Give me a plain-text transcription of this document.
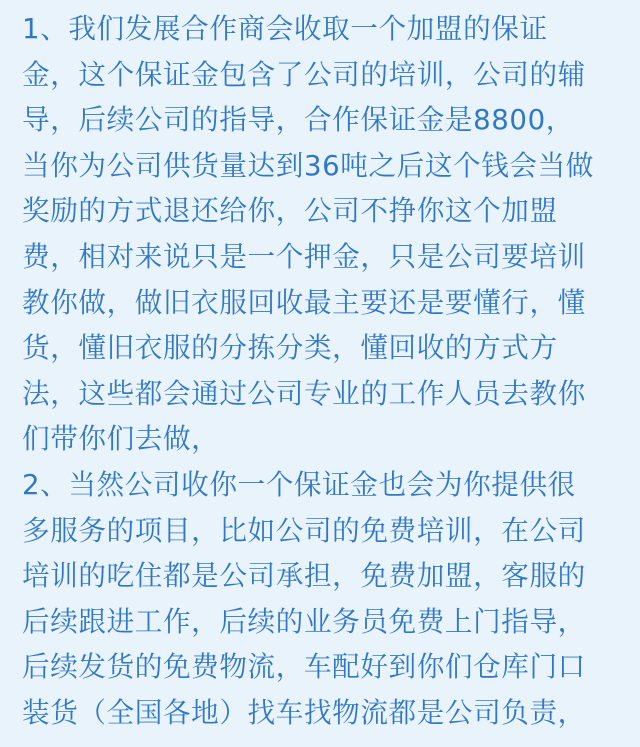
1、我们发展合作商会收取一个加盟的保证
金，这个保证金包含了公司的培训，公司的辅
导，后续公司的指导，合作保证金是8800，
当你为公司供货量达到36吨之后这个钱会当做
奖励的方式退还给你，公司不挣你这个加盟
费，相对来说只是一个押金，只是公司要培训
教你做，做旧衣服回收最主要还是要懂行，懂
货，懂旧衣服的分拣分类，懂回收的方式方
法，这些都会通过公司专业的工作人员去教你
们带你们去做，
2、当然公司收你一个保证金也会为你提供很
多服务的项目，比如公司的免费培训，在公司
培训的吃住都是公司承担，免费加盟，客服的
后续跟进工作，后续的业务员免费上门指导，
后续发货的免费物流，车配好到你们仓库门口
装货（全国各地）找车找物流都是公司负责，
